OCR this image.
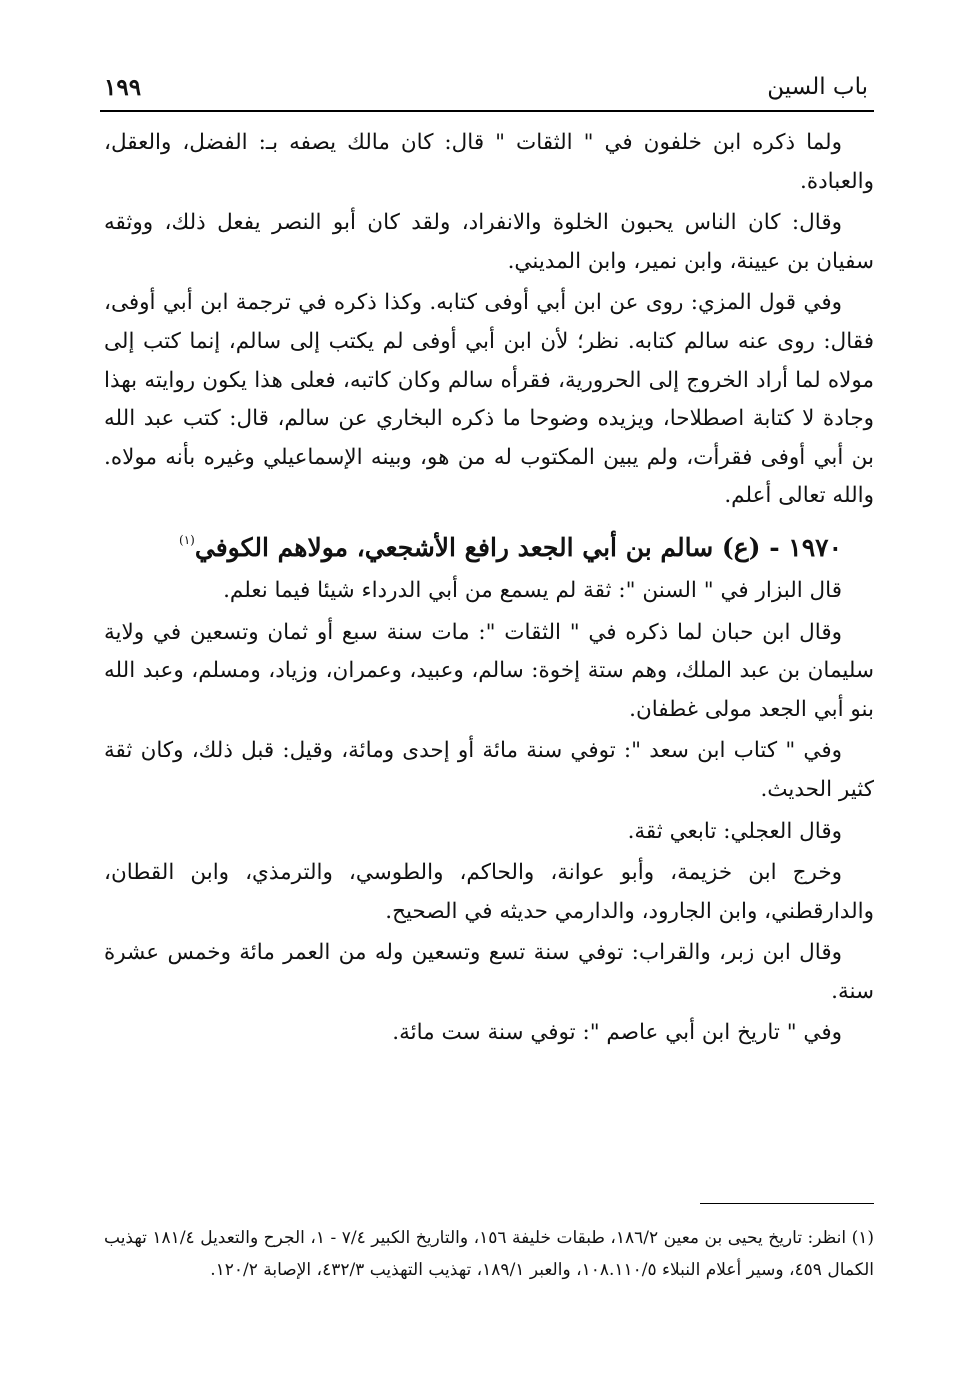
باب السين
١٩٩

ولما ذكره ابن خلفون في " الثقات " قال: كان مالك يصفه بـ: الفضل، والعقل، والعبادة.

وقال: كان الناس يحبون الخلوة والانفراد، ولقد كان أبو النصر يفعل ذلك، ووثقه سفيان بن عيينة، وابن نمير، وابن المديني.

وفي قول المزي: روى عن ابن أبي أوفى كتابه. وكذا ذكره في ترجمة ابن أبي أوفى، فقال: روى عنه سالم كتابه. نظر؛ لأن ابن أبي أوفى لم يكتب إلى سالم، إنما كتب إلى مولاه لما أراد الخروج إلى الحرورية، فقرأه سالم وكان كاتبه، فعلى هذا يكون روايته بهذا وجادة لا كتابة اصطلاحا، ويزيده وضوحا ما ذكره البخاري عن سالم، قال: كتب عبد الله بن أبي أوفى فقرأت، ولم يبين المكتوب له من هو، وبينه الإسماعيلي وغيره بأنه مولاه. والله تعالى أعلم.

١٩٧٠ - (ع) سالم بن أبي الجعد رافع الأشجعي، مولاهم الكوفي$^{(١)}$

قال البزار في " السنن ": ثقة لم يسمع من أبي الدرداء شيئا فيما نعلم.

وقال ابن حبان لما ذكره في " الثقات ": مات سنة سبع أو ثمان وتسعين في ولاية سليمان بن عبد الملك، وهم ستة إخوة: سالم، وعبيد، وعمران، وزياد، ومسلم، وعبد الله بنو أبي الجعد مولى غطفان.

وفي " كتاب ابن سعد ": توفي سنة مائة أو إحدى ومائة، وقيل: قبل ذلك، وكان ثقة كثير الحديث.

وقال العجلي: تابعي ثقة.

وخرج ابن خزيمة، وأبو عوانة، والحاكم، والطوسي، والترمذي، وابن القطان، والدارقطني، وابن الجارود، والدارمي حديثه في الصحيح.

وقال ابن زبر، والقراب: توفي سنة تسع وتسعين وله من العمر مائة وخمس عشرة سنة.

وفي " تاريخ ابن أبي عاصم ": توفي سنة ست مائة.

(١) انظر: تاريخ يحيى بن معين ١٨٦/٢، طبقات خليفة ١٥٦، والتاريخ الكبير ٧/٤ - ١، الجرح والتعديل ١٨١/٤ تهذيب الكمال ٤٥٩، وسير أعلام النبلاء ١٠٨.١١٠/٥، والعبر ١٨٩/١، تهذيب التهذيب ٤٣٢/٣، الإصابة ١٢٠/٢.
